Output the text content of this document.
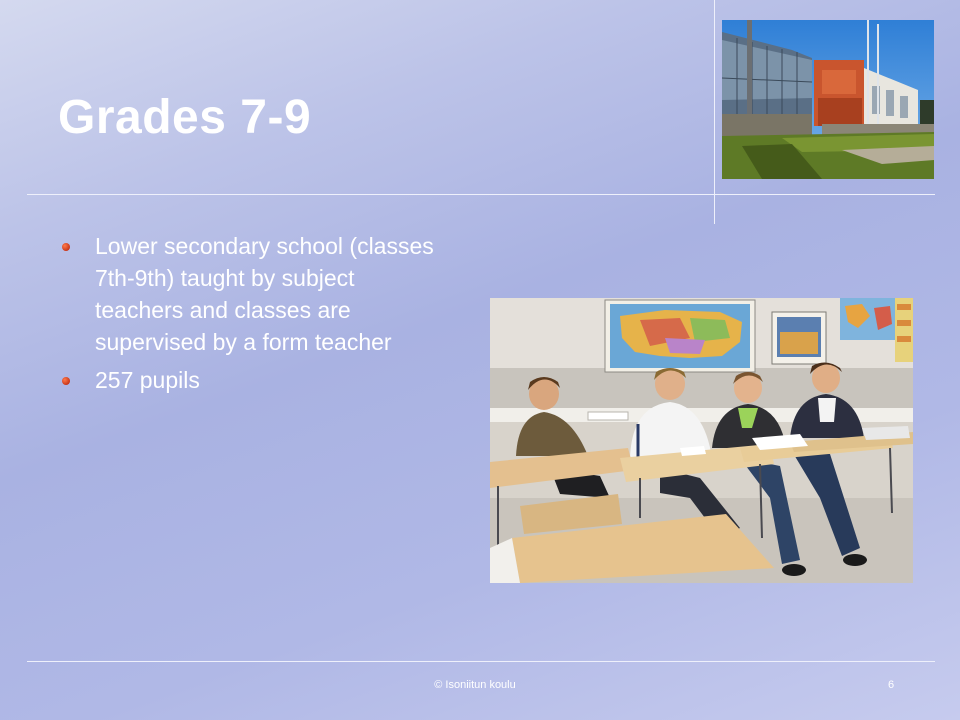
Grades 7-9
Lower secondary school (classes 7th-9th) taught by subject teachers and classes are supervised by a form teacher
257 pupils
© Isoniitun koulu	6
